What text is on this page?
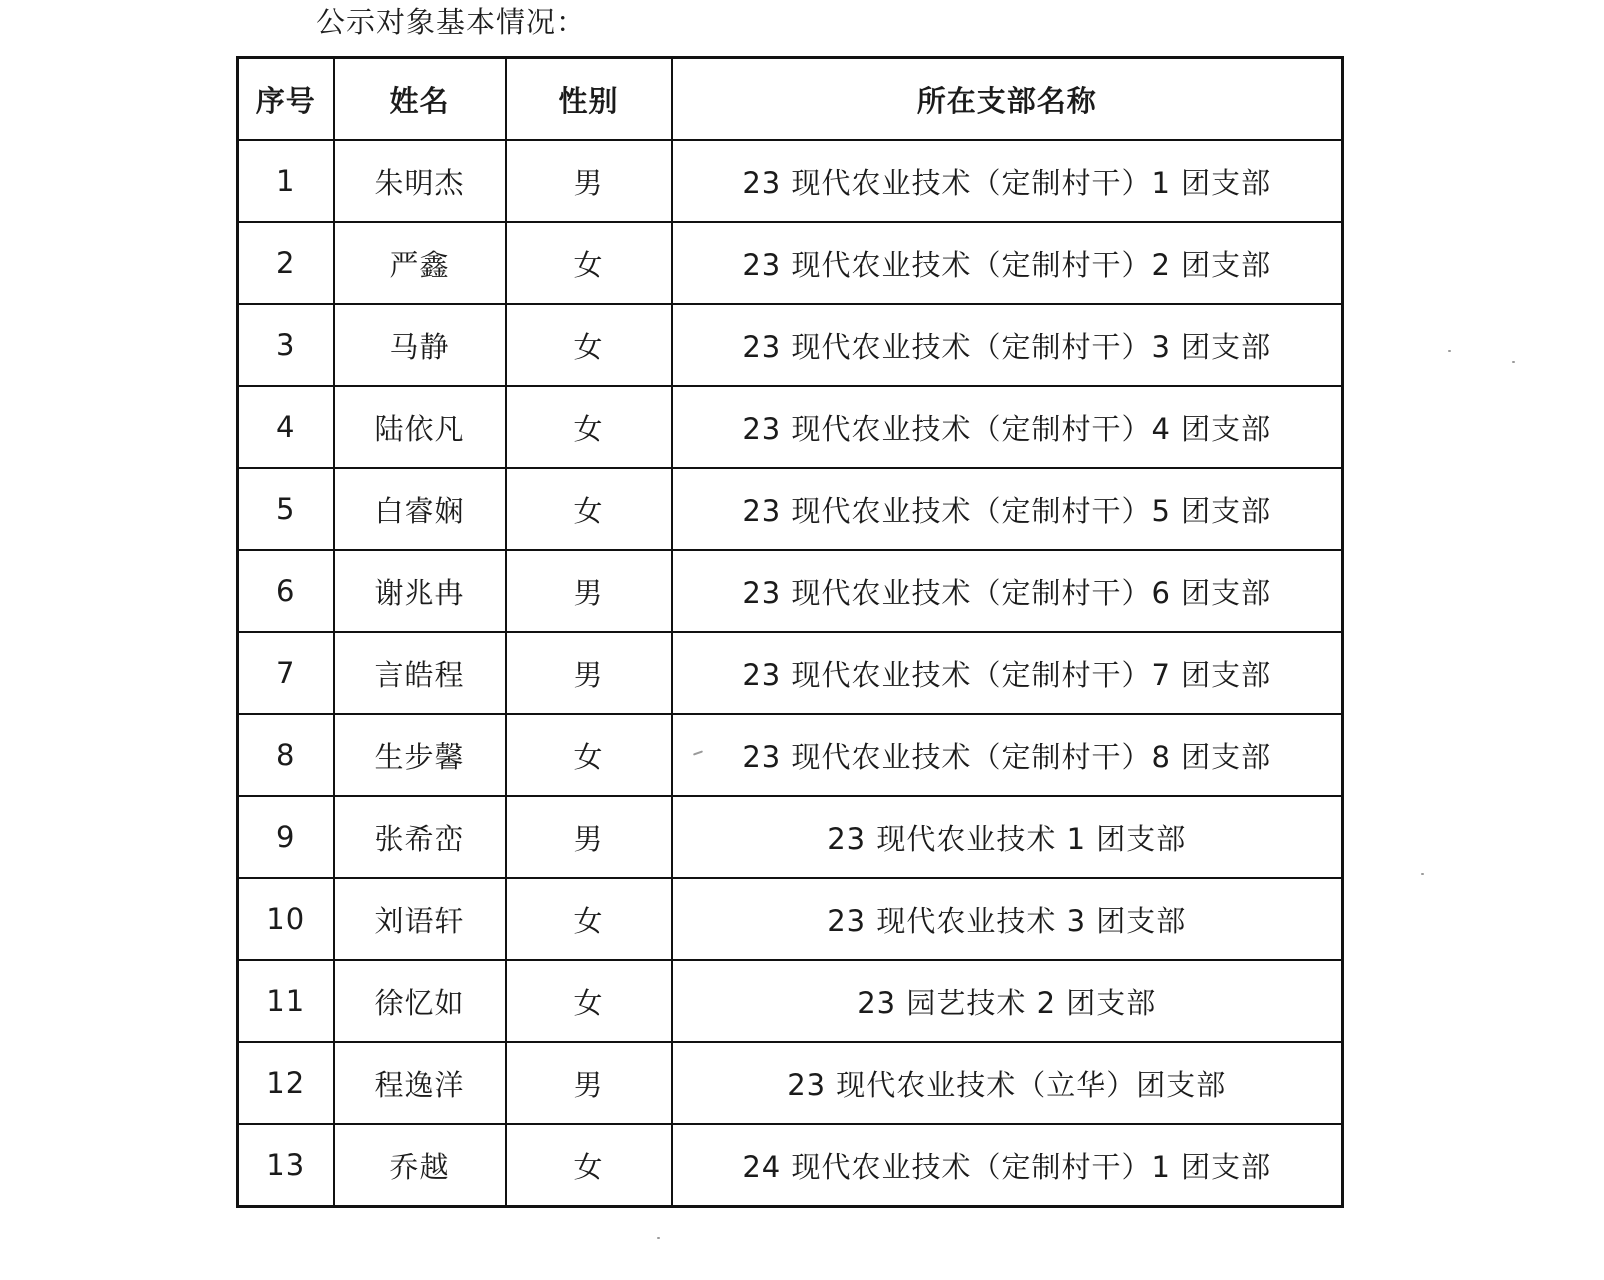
公示对象基本情况：
序号	姓名	性别	所在支部名称
1	朱明杰	男	23 现代农业技术（定制村干）1 团支部
2	严鑫	女	23 现代农业技术（定制村干）2 团支部
3	马静	女	23 现代农业技术（定制村干）3 团支部
4	陆依凡	女	23 现代农业技术（定制村干）4 团支部
5	白睿娴	女	23 现代农业技术（定制村干）5 团支部
6	谢兆冉	男	23 现代农业技术（定制村干）6 团支部
7	言皓程	男	23 现代农业技术（定制村干）7 团支部
8	生步馨	女	23 现代农业技术（定制村干）8 团支部
9	张希峦	男	23 现代农业技术 1 团支部
10	刘语轩	女	23 现代农业技术 3 团支部
11	徐忆如	女	23 园艺技术 2 团支部
12	程逸洋	男	23 现代农业技术（立华）团支部
13	乔越	女	24 现代农业技术（定制村干）1 团支部
